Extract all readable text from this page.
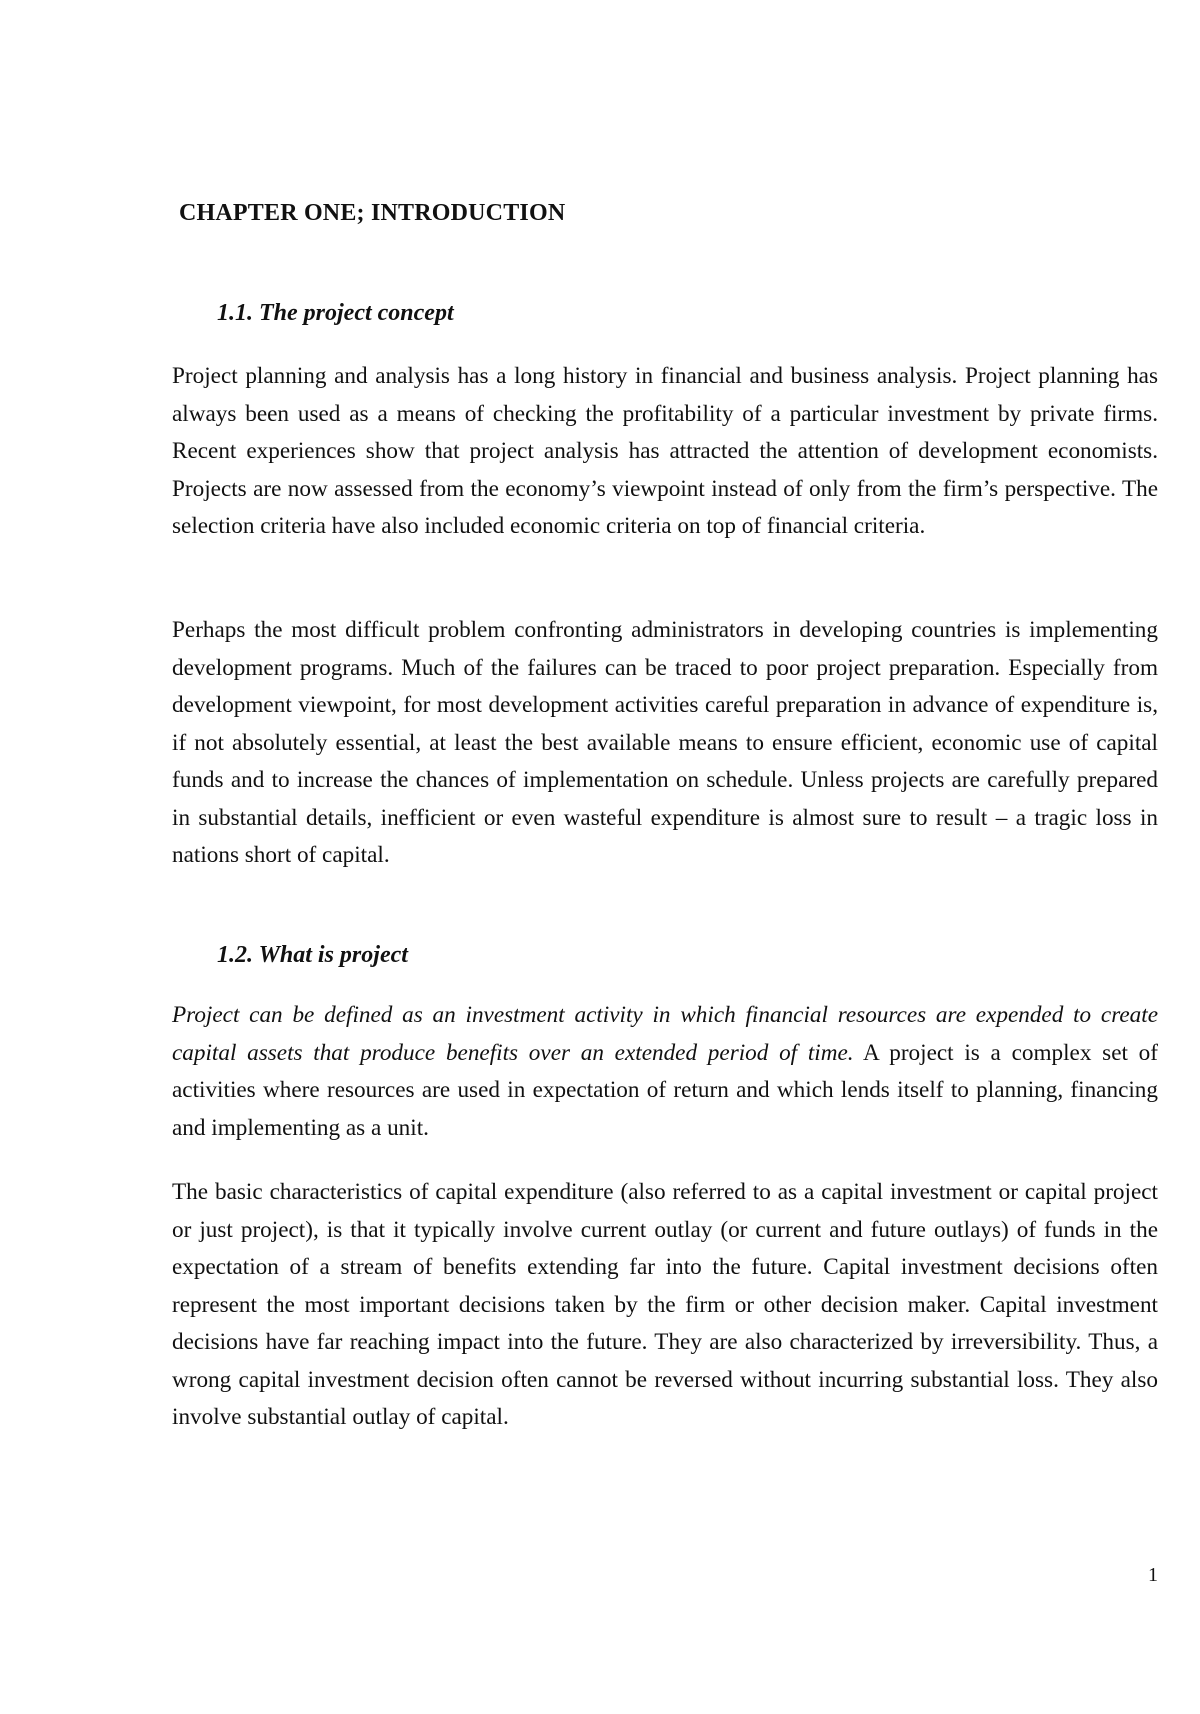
CHAPTER ONE; INTRODUCTION
1.1. The project concept

Project planning and analysis has a long history in financial and business analysis. Project planning has always been used as a means of checking the profitability of a particular investment by private firms. Recent experiences show that project analysis has attracted the attention of development economists. Projects are now assessed from the economy’s viewpoint instead of only from the firm’s perspective. The selection criteria have also included economic criteria on top of financial criteria.

Perhaps the most difficult problem confronting administrators in developing countries is implementing development programs. Much of the failures can be traced to poor project preparation. Especially from development viewpoint, for most development activities careful preparation in advance of expenditure is, if not absolutely essential, at least the best available means to ensure efficient, economic use of capital funds and to increase the chances of implementation on schedule. Unless projects are carefully prepared in substantial details, inefficient or even wasteful expenditure is almost sure to result – a tragic loss in nations short of capital.

1.2. What is project

Project can be defined as an investment activity in which financial resources are expended to create capital assets that produce benefits over an extended period of time. A project is a complex set of activities where resources are used in expectation of return and which lends itself to planning, financing and implementing as a unit.

The basic characteristics of capital expenditure (also referred to as a capital investment or capital project or just project), is that it typically involve current outlay (or current and future outlays) of funds in the expectation of a stream of benefits extending far into the future. Capital investment decisions often represent the most important decisions taken by the firm or other decision maker. Capital investment decisions have far reaching impact into the future. They are also characterized by irreversibility. Thus, a wrong capital investment decision often cannot be reversed without incurring substantial loss. They also involve substantial outlay of capital.

1
